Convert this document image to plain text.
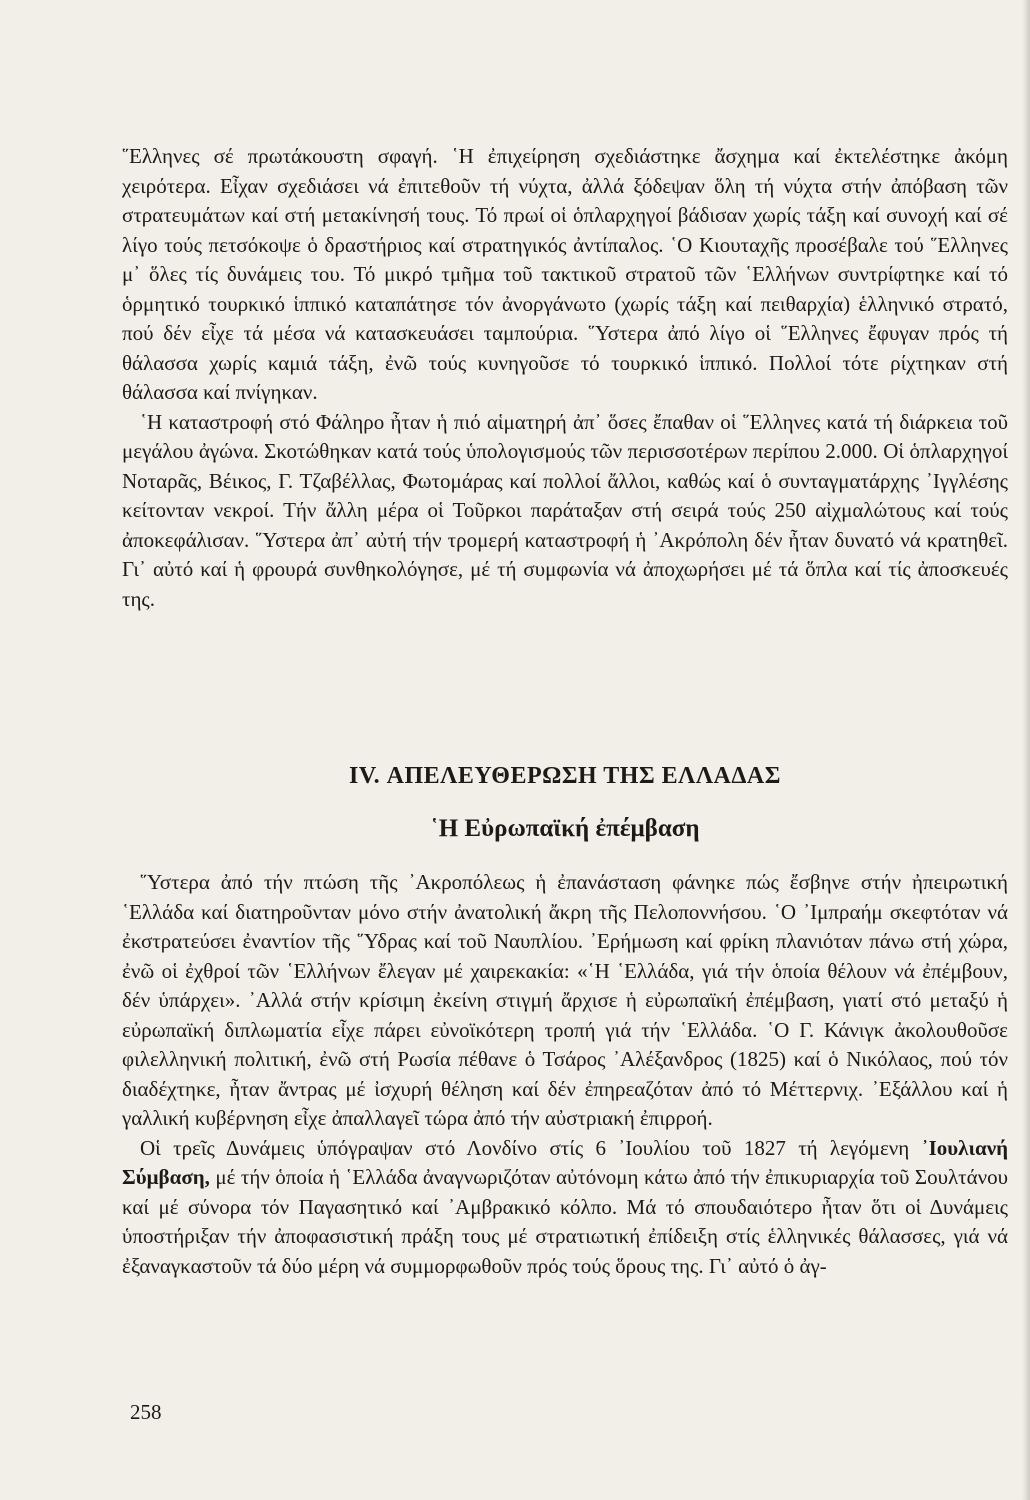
῞Ελληνες σέ πρωτάκουστη σφαγή. ῾Η ἐπιχείρηση σχεδιάστηκε ἄσχημα καί ἐκτελέστηκε ἀκόμη χειρότερα. Εἶχαν σχεδιάσει νά ἐπιτεθοῦν τή νύχτα, ἀλλά ξόδεψαν ὅλη τή νύχτα στήν ἀπόβαση τῶν στρατευμάτων καί στή μετακίνησή τους. Τό πρωί οἱ ὁπλαρχηγοί βάδισαν χωρίς τάξη καί συνοχή καί σέ λίγο τούς πετσόκοψε ὁ δραστήριος καί στρατηγικός ἀντίπαλος. ῾Ο Κιουταχῆς προσέβαλε τού ῞Ελληνες μ᾿ ὅλες τίς δυνάμεις του. Τό μικρό τμῆμα τοῦ τακτικοῦ στρατοῦ τῶν ῾Ελλήνων συντρίφτηκε καί τό ὁρμητικό τουρκικό ἱππικό καταπάτησε τόν ἀνοργάνωτο (χωρίς τάξη καί πειθαρχία) ἑλληνικό στρατό, πού δέν εἶχε τά μέσα νά κατασκευάσει ταμπούρια. ῞Υστερα ἀπό λίγο οἱ ῞Ελληνες ἔφυγαν πρός τή θάλασσα χωρίς καμιά τάξη, ἐνῶ τούς κυνηγοῦσε τό τουρκικό ἱππικό. Πολλοί τότε ρίχτηκαν στή θάλασσα καί πνίγηκαν.

῾Η καταστροφή στό Φάληρο ἦταν ἡ πιό αἱματηρή ἀπ᾿ ὅσες ἔπαθαν οἱ ῞Ελληνες κατά τή διάρκεια τοῦ μεγάλου ἀγώνα. Σκοτώθηκαν κατά τούς ὑπολογισμούς τῶν περισσοτέρων περίπου 2.000. Οἱ ὁπλαρχηγοί Νοταρᾶς, Βέικος, Γ. Τζαβέλλας, Φωτομάρας καί πολλοί ἄλλοι, καθώς καί ὁ συνταγματάρχης ᾿Ιγγλέσης κείτονταν νεκροί. Τήν ἄλλη μέρα οἱ Τοῦρκοι παράταξαν στή σειρά τούς 250 αἰχμαλώτους καί τούς ἀποκεφάλισαν. ῞Υστερα ἀπ᾿ αὐτή τήν τρομερή καταστροφή ἡ ᾿Ακρόπολη δέν ἦταν δυνατό νά κρατηθεῖ. Γι᾿ αὐτό καί ἡ φρουρά συνθηκολόγησε, μέ τή συμφωνία νά ἀποχωρήσει μέ τά ὅπλα καί τίς ἀποσκευές της.

IV. ΑΠΕΛΕΥΘΕΡΩΣΗ ΤΗΣ ΕΛΛΑΔΑΣ
῾Η Εὐρωπαϊκή ἐπέμβαση

῞Υστερα ἀπό τήν πτώση τῆς ᾿Ακροπόλεως ἡ ἐπανάσταση φάνηκε πώς ἔσβηνε στήν ἠπειρωτική ῾Ελλάδα καί διατηροῦνταν μόνο στήν ἀνατολική ἄκρη τῆς Πελοποννήσου. ῾Ο ᾿Ιμπραήμ σκεφτόταν νά ἐκστρατεύσει ἐναντίον τῆς ῞Υδρας καί τοῦ Ναυπλίου. ᾿Ερήμωση καί φρίκη πλανιόταν πάνω στή χώρα, ἐνῶ οἱ ἐχθροί τῶν ῾Ελλήνων ἔλεγαν μέ χαιρεκακία: «῾Η ῾Ελλάδα, γιά τήν ὁποία θέλουν νά ἐπέμβουν, δέν ὑπάρχει». ᾿Αλλά στήν κρίσιμη ἐκείνη στιγμή ἄρχισε ἡ εὐρωπαϊκή ἐπέμβαση, γιατί στό μεταξύ ἡ εὐρωπαϊκή διπλωματία εἶχε πάρει εὐνοϊκότερη τροπή γιά τήν ῾Ελλάδα. ῾Ο Γ. Κάνιγκ ἀκολουθοῦσε φιλελληνική πολιτική, ἐνῶ στή Ρωσία πέθανε ὁ Τσάρος ᾿Αλέξανδρος (1825) καί ὁ Νικόλαος, πού τόν διαδέχτηκε, ἦταν ἄντρας μέ ἰσχυρή θέληση καί δέν ἐπηρεαζόταν ἀπό τό Μέττερνιχ. ᾿Εξάλλου καί ἡ γαλλική κυβέρνηση εἶχε ἀπαλλαγεῖ τώρα ἀπό τήν αὐστριακή ἐπιρροή.

Οἱ τρεῖς Δυνάμεις ὑπόγραψαν στό Λονδίνο στίς 6 ᾿Ιουλίου τοῦ 1827 τή λεγόμενη ᾿Ιουλιανή Σύμβαση, μέ τήν ὁποία ἡ ῾Ελλάδα ἀναγνωριζόταν αὐτόνομη κάτω ἀπό τήν ἐπικυριαρχία τοῦ Σουλτάνου καί μέ σύνορα τόν Παγασητικό καί ᾿Αμβρακικό κόλπο. Μά τό σπουδαιότερο ἦταν ὅτι οἱ Δυνάμεις ὑποστήριξαν τήν ἀποφασιστική πράξη τους μέ στρατιωτική ἐπίδειξη στίς ἑλληνικές θάλασσες, γιά νά ἐξαναγκαστοῦν τά δύο μέρη νά συμμορφωθοῦν πρός τούς ὅρους της. Γι᾿ αὐτό ὁ ἀγ-

258
